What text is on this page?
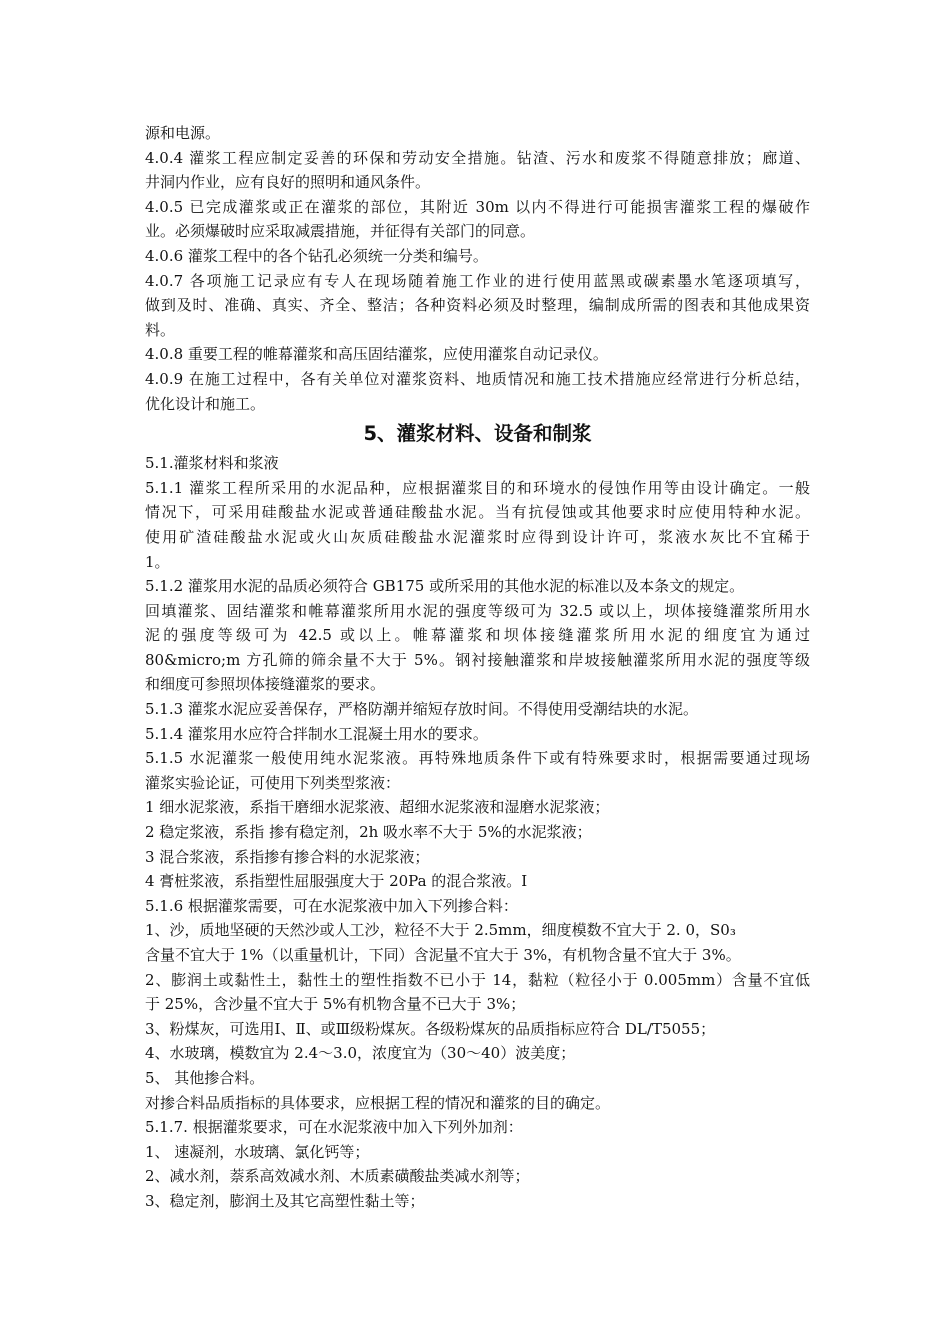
源和电源。
4.0.4 灌浆工程应制定妥善的环保和劳动安全措施。钻渣、污水和废浆不得随意排放；廊道、
井洞内作业，应有良好的照明和通风条件。
4.0.5 已完成灌浆或正在灌浆的部位，其附近 30m 以内不得进行可能损害灌浆工程的爆破作
业。必须爆破时应采取减震措施，并征得有关部门的同意。
4.0.6 灌浆工程中的各个钻孔必须统一分类和编号。
4.0.7 各项施工记录应有专人在现场随着施工作业的进行使用蓝黑或碳素墨水笔逐项填写，
做到及时、准确、真实、齐全、整洁；各种资料必须及时整理，编制成所需的图表和其他成果资
料。
4.0.8 重要工程的帷幕灌浆和高压固结灌浆，应使用灌浆自动记录仪。
4.0.9 在施工过程中，各有关单位对灌浆资料、地质情况和施工技术措施应经常进行分析总结，
优化设计和施工。
5、灌浆材料、设备和制浆
5.1.灌浆材料和浆液
5.1.1 灌浆工程所采用的水泥品种，应根据灌浆目的和环境水的侵蚀作用等由设计确定。一般
情况下，可采用硅酸盐水泥或普通硅酸盐水泥。当有抗侵蚀或其他要求时应使用特种水泥。
使用矿渣硅酸盐水泥或火山灰质硅酸盐水泥灌浆时应得到设计许可，浆液水灰比不宜稀于
1。
5.1.2 灌浆用水泥的品质必须符合 GB175 或所采用的其他水泥的标准以及本条文的规定。
回填灌浆、固结灌浆和帷幕灌浆所用水泥的强度等级可为 32.5 或以上，坝体接缝灌浆所用水
泥的强度等级可为 42.5 或以上。帷幕灌浆和坝体接缝灌浆所用水泥的细度宜为通过
80&micro;m 方孔筛的筛余量不大于 5%。钢衬接触灌浆和岸坡接触灌浆所用水泥的强度等级
和细度可参照坝体接缝灌浆的要求。
5.1.3 灌浆水泥应妥善保存，严格防潮并缩短存放时间。不得使用受潮结块的水泥。
5.1.4 灌浆用水应符合拌制水工混凝土用水的要求。
5.1.5 水泥灌浆一般使用纯水泥浆液。再特殊地质条件下或有特殊要求时，根据需要通过现场
灌浆实验论证，可使用下列类型浆液：
1 细水泥浆液，系指干磨细水泥浆液、超细水泥浆液和湿磨水泥浆液；
2 稳定浆液，系指 掺有稳定剂，2h 吸水率不大于 5%的水泥浆液；
3 混合浆液，系指掺有掺合料的水泥浆液；
4 膏桩浆液，系指塑性屈服强度大于 20Pa 的混合浆液。Ⅰ
5.1.6 根据灌浆需要，可在水泥浆液中加入下列掺合料：
1、沙，质地坚硬的天然沙或人工沙，粒径不大于 2.5mm，细度模数不宜大于 2. 0，S0₃
含量不宜大于 1%（以重量机计，下同）含泥量不宜大于 3%，有机物含量不宜大于 3%。
2、膨润土或黏性土，黏性土的塑性指数不已小于 14，黏粒（粒径小于 0.005mm）含量不宜低
于 25%，含沙量不宜大于 5%有机物含量不已大于 3%；
3、粉煤灰，可选用Ⅰ、Ⅱ、或Ⅲ级粉煤灰。各级粉煤灰的品质指标应符合 DL/T5055；
4、水玻璃，模数宜为 2.4～3.0，浓度宜为（30～40）波美度；
5、 其他掺合料。
对掺合料品质指标的具体要求，应根据工程的情况和灌浆的目的确定。
5.1.7. 根据灌浆要求，可在水泥浆液中加入下列外加剂：
1、 速凝剂，水玻璃、氯化钙等；
2、减水剂，萘系高效减水剂、木质素磺酸盐类减水剂等；
3、稳定剂，膨润土及其它高塑性黏土等；
